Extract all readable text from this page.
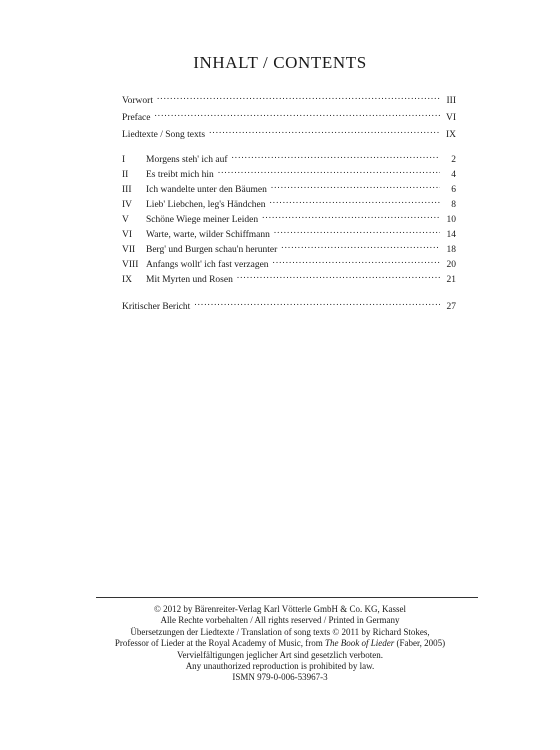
INHALT / CONTENTS
Vorwort . . .	III
Preface . . .	VI
Liedtexte / Song texts . . .	IX
I	Morgens steh' ich auf . . .	2
II	Es treibt mich hin . . .	4
III	Ich wandelte unter den Bäumen . . .	6
IV	Lieb' Liebchen, leg's Händchen . . .	8
V	Schöne Wiege meiner Leiden . . .	10
VI	Warte, warte, wilder Schiffmann . . .	14
VII	Berg' und Burgen schau'n herunter . . .	18
VIII Anfangs wollt' ich fast verzagen . . .	20
IX	Mit Myrten und Rosen . . .	21
Kritischer Bericht . . .	27
© 2012 by Bärenreiter-Verlag Karl Vötterle GmbH & Co. KG, Kassel
Alle Rechte vorbehalten / All rights reserved / Printed in Germany
Übersetzungen der Liedtexte / Translation of song texts © 2011 by Richard Stokes,
Professor of Lieder at the Royal Academy of Music, from The Book of Lieder (Faber, 2005)
Vervielfältigungen jeglicher Art sind gesetzlich verboten.
Any unauthorized reproduction is prohibited by law.
ISMN 979-0-006-53967-3
